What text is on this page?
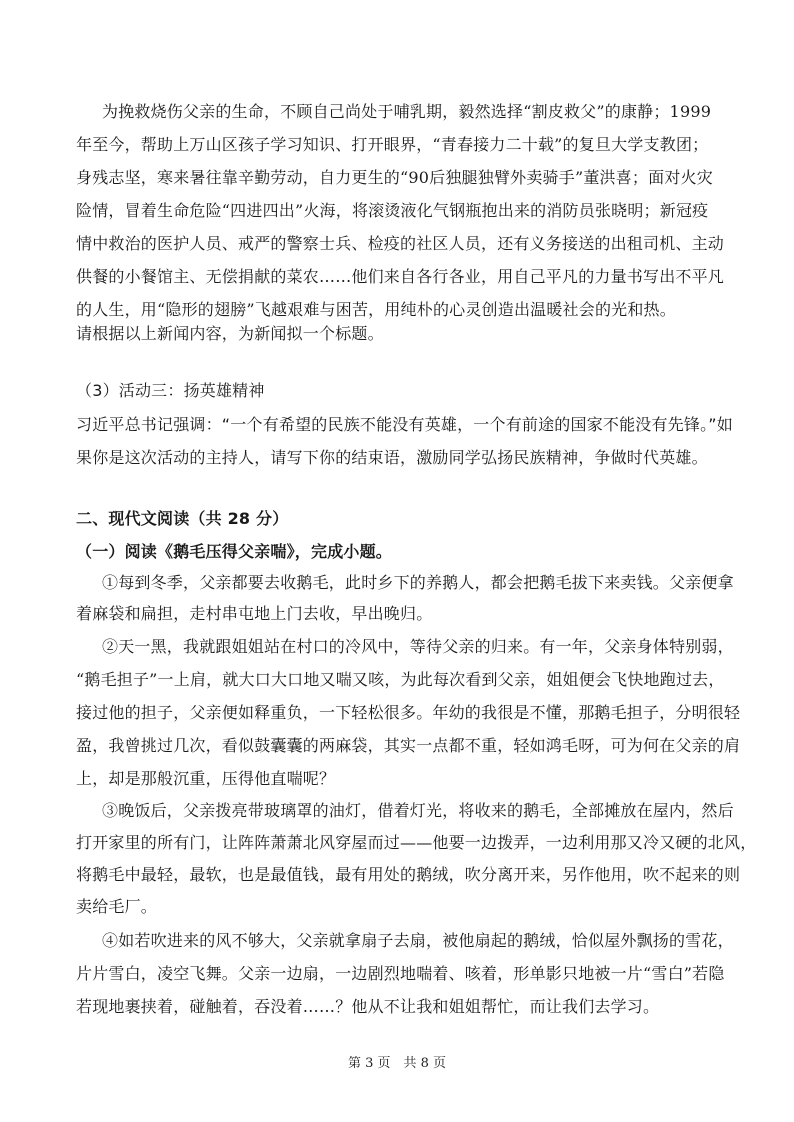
为挽救烧伤父亲的生命，不顾自己尚处于哺乳期，毅然选择“割皮救父”的康静；1999
年至今，帮助上万山区孩子学习知识、打开眼界，“青春接力二十载”的复旦大学支教团；
身残志坚，寒来暑往靠辛勤劳动，自力更生的“90后独腿独臂外卖骑手”董洪喜；面对火灾
险情，冒着生命危险“四进四出”火海，将滚烫液化气钢瓶抱出来的消防员张晓明；新冠疫
情中救治的医护人员、戒严的警察士兵、检疫的社区人员，还有义务接送的出租司机、主动
供餐的小餐馆主、无偿捐献的菜农……他们来自各行各业，用自己平凡的力量书写出不平凡
的人生，用“隐形的翅膀”飞越艰难与困苦，用纯朴的心灵创造出温暖社会的光和热。
请根据以上新闻内容，为新闻拟一个标题。
（3）活动三：扬英雄精神
习近平总书记强调：“一个有希望的民族不能没有英雄，一个有前途的国家不能没有先锋。”如
果你是这次活动的主持人，请写下你的结束语，激励同学弘扬民族精神，争做时代英雄。
二、现代文阅读（共 28 分）
（一）阅读《鹅毛压得父亲喘》，完成小题。
①每到冬季，父亲都要去收鹅毛，此时乡下的养鹅人，都会把鹅毛拔下来卖钱。父亲便拿
着麻袋和扁担，走村串屯地上门去收，早出晚归。
②天一黑，我就跟姐姐站在村口的冷风中，等待父亲的归来。有一年，父亲身体特别弱，
“鹅毛担子”一上肩，就大口大口地又喘又咳，为此每次看到父亲，姐姐便会飞快地跑过去，
接过他的担子，父亲便如释重负，一下轻松很多。年幼的我很是不懂，那鹅毛担子，分明很轻
盈，我曾挑过几次，看似鼓囊囊的两麻袋，其实一点都不重，轻如鸿毛呀，可为何在父亲的肩
上，却是那般沉重，压得他直喘呢？
③晚饭后，父亲拨亮带玻璃罩的油灯，借着灯光，将收来的鹅毛，全部摊放在屋内，然后
打开家里的所有门，让阵阵萧萧北风穿屋而过——他要一边拨弄，一边利用那又冷又硬的北风，
将鹅毛中最轻，最软，也是最值钱，最有用处的鹅绒，吹分离开来，另作他用，吹不起来的则
卖给毛厂。
④如若吹进来的风不够大，父亲就拿扇子去扇，被他扇起的鹅绒，恰似屋外飘扬的雪花，
片片雪白，凌空飞舞。父亲一边扇，一边剧烈地喘着、咳着，形单影只地被一片“雪白”若隐
若现地裹挟着，碰触着，吞没着……？他从不让我和姐姐帮忙，而让我们去学习。
第 3 页　共 8 页
